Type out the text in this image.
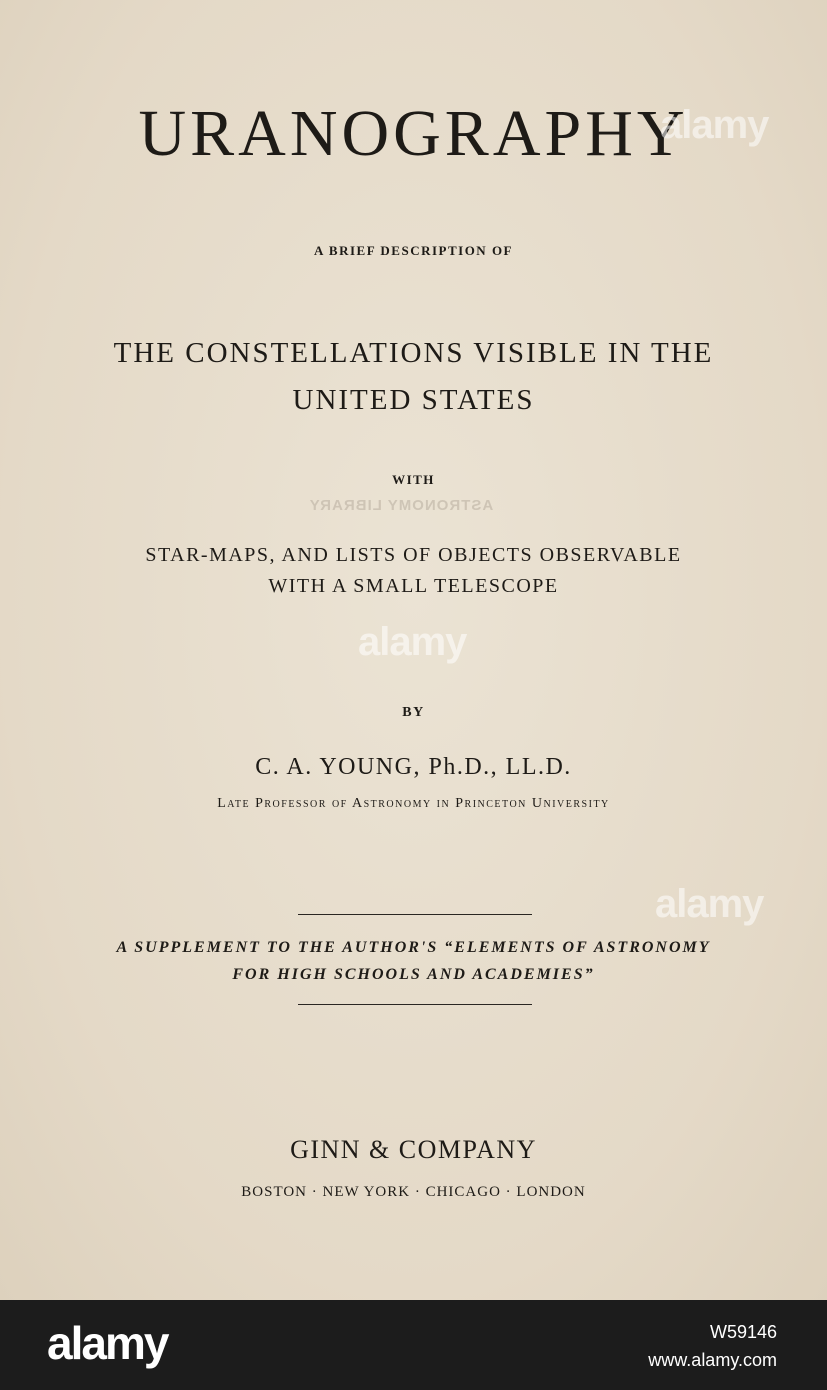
URANOGRAPHY
A BRIEF DESCRIPTION OF
THE CONSTELLATIONS VISIBLE IN THE
UNITED STATES
WITH
ASTRONOMY LIBRARY
STAR-MAPS, AND LISTS OF OBJECTS OBSERVABLE
WITH A SMALL TELESCOPE
BY
C. A. YOUNG, Ph.D., LL.D.
Late Professor of Astronomy in Princeton University
A SUPPLEMENT TO THE AUTHOR'S “ELEMENTS OF ASTRONOMY
FOR HIGH SCHOOLS AND ACADEMIES”
GINN & COMPANY
BOSTON · NEW YORK · CHICAGO · LONDON
alamy
alamy
alamy
alamy	W59146
www.alamy.com
